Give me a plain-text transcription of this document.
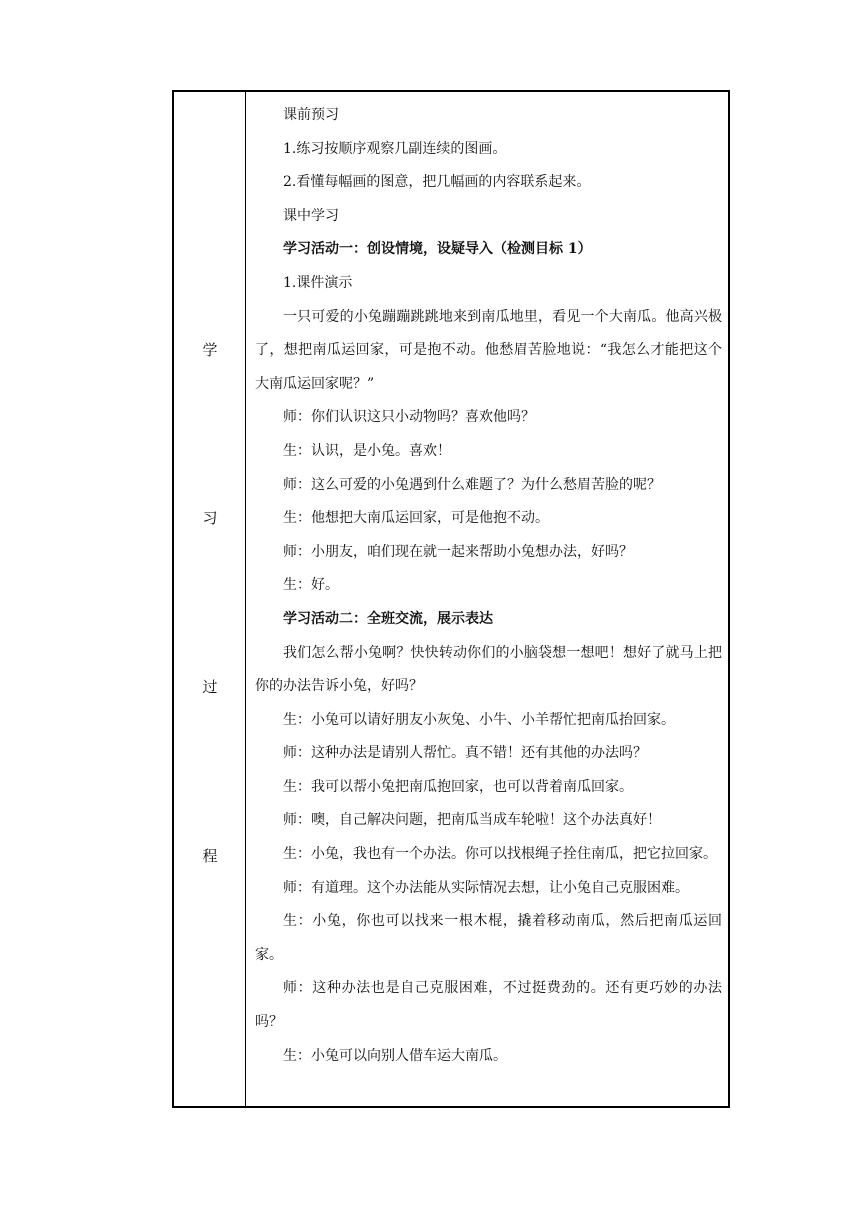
学
习
过
程

课前预习

1.练习按顺序观察几副连续的图画。

2.看懂每幅画的图意，把几幅画的内容联系起来。

课中学习

学习活动一：创设情境，设疑导入（检测目标 1）

1.课件演示

一只可爱的小兔蹦蹦跳跳地来到南瓜地里，看见一个大南瓜。他高兴极了，想把南瓜运回家，可是抱不动。他愁眉苦脸地说：“我怎么才能把这个大南瓜运回家呢？”

师：你们认识这只小动物吗？喜欢他吗？

生：认识，是小兔。喜欢！

师：这么可爱的小兔遇到什么难题了？为什么愁眉苦脸的呢？

生：他想把大南瓜运回家，可是他抱不动。

师：小朋友，咱们现在就一起来帮助小兔想办法，好吗？

生：好。

学习活动二：全班交流，展示表达

我们怎么帮小兔啊？快快转动你们的小脑袋想一想吧！想好了就马上把你的办法告诉小兔，好吗？

生：小兔可以请好朋友小灰兔、小牛、小羊帮忙把南瓜抬回家。

师：这种办法是请别人帮忙。真不错！还有其他的办法吗？

生：我可以帮小兔把南瓜抱回家，也可以背着南瓜回家。

师：噢，自己解决问题，把南瓜当成车轮啦！这个办法真好！

生：小兔，我也有一个办法。你可以找根绳子拴住南瓜，把它拉回家。

师：有道理。这个办法能从实际情况去想，让小兔自己克服困难。

生：小兔，你也可以找来一根木棍，撬着移动南瓜，然后把南瓜运回家。

师：这种办法也是自己克服困难，不过挺费劲的。还有更巧妙的办法吗？

生：小兔可以向别人借车运大南瓜。
